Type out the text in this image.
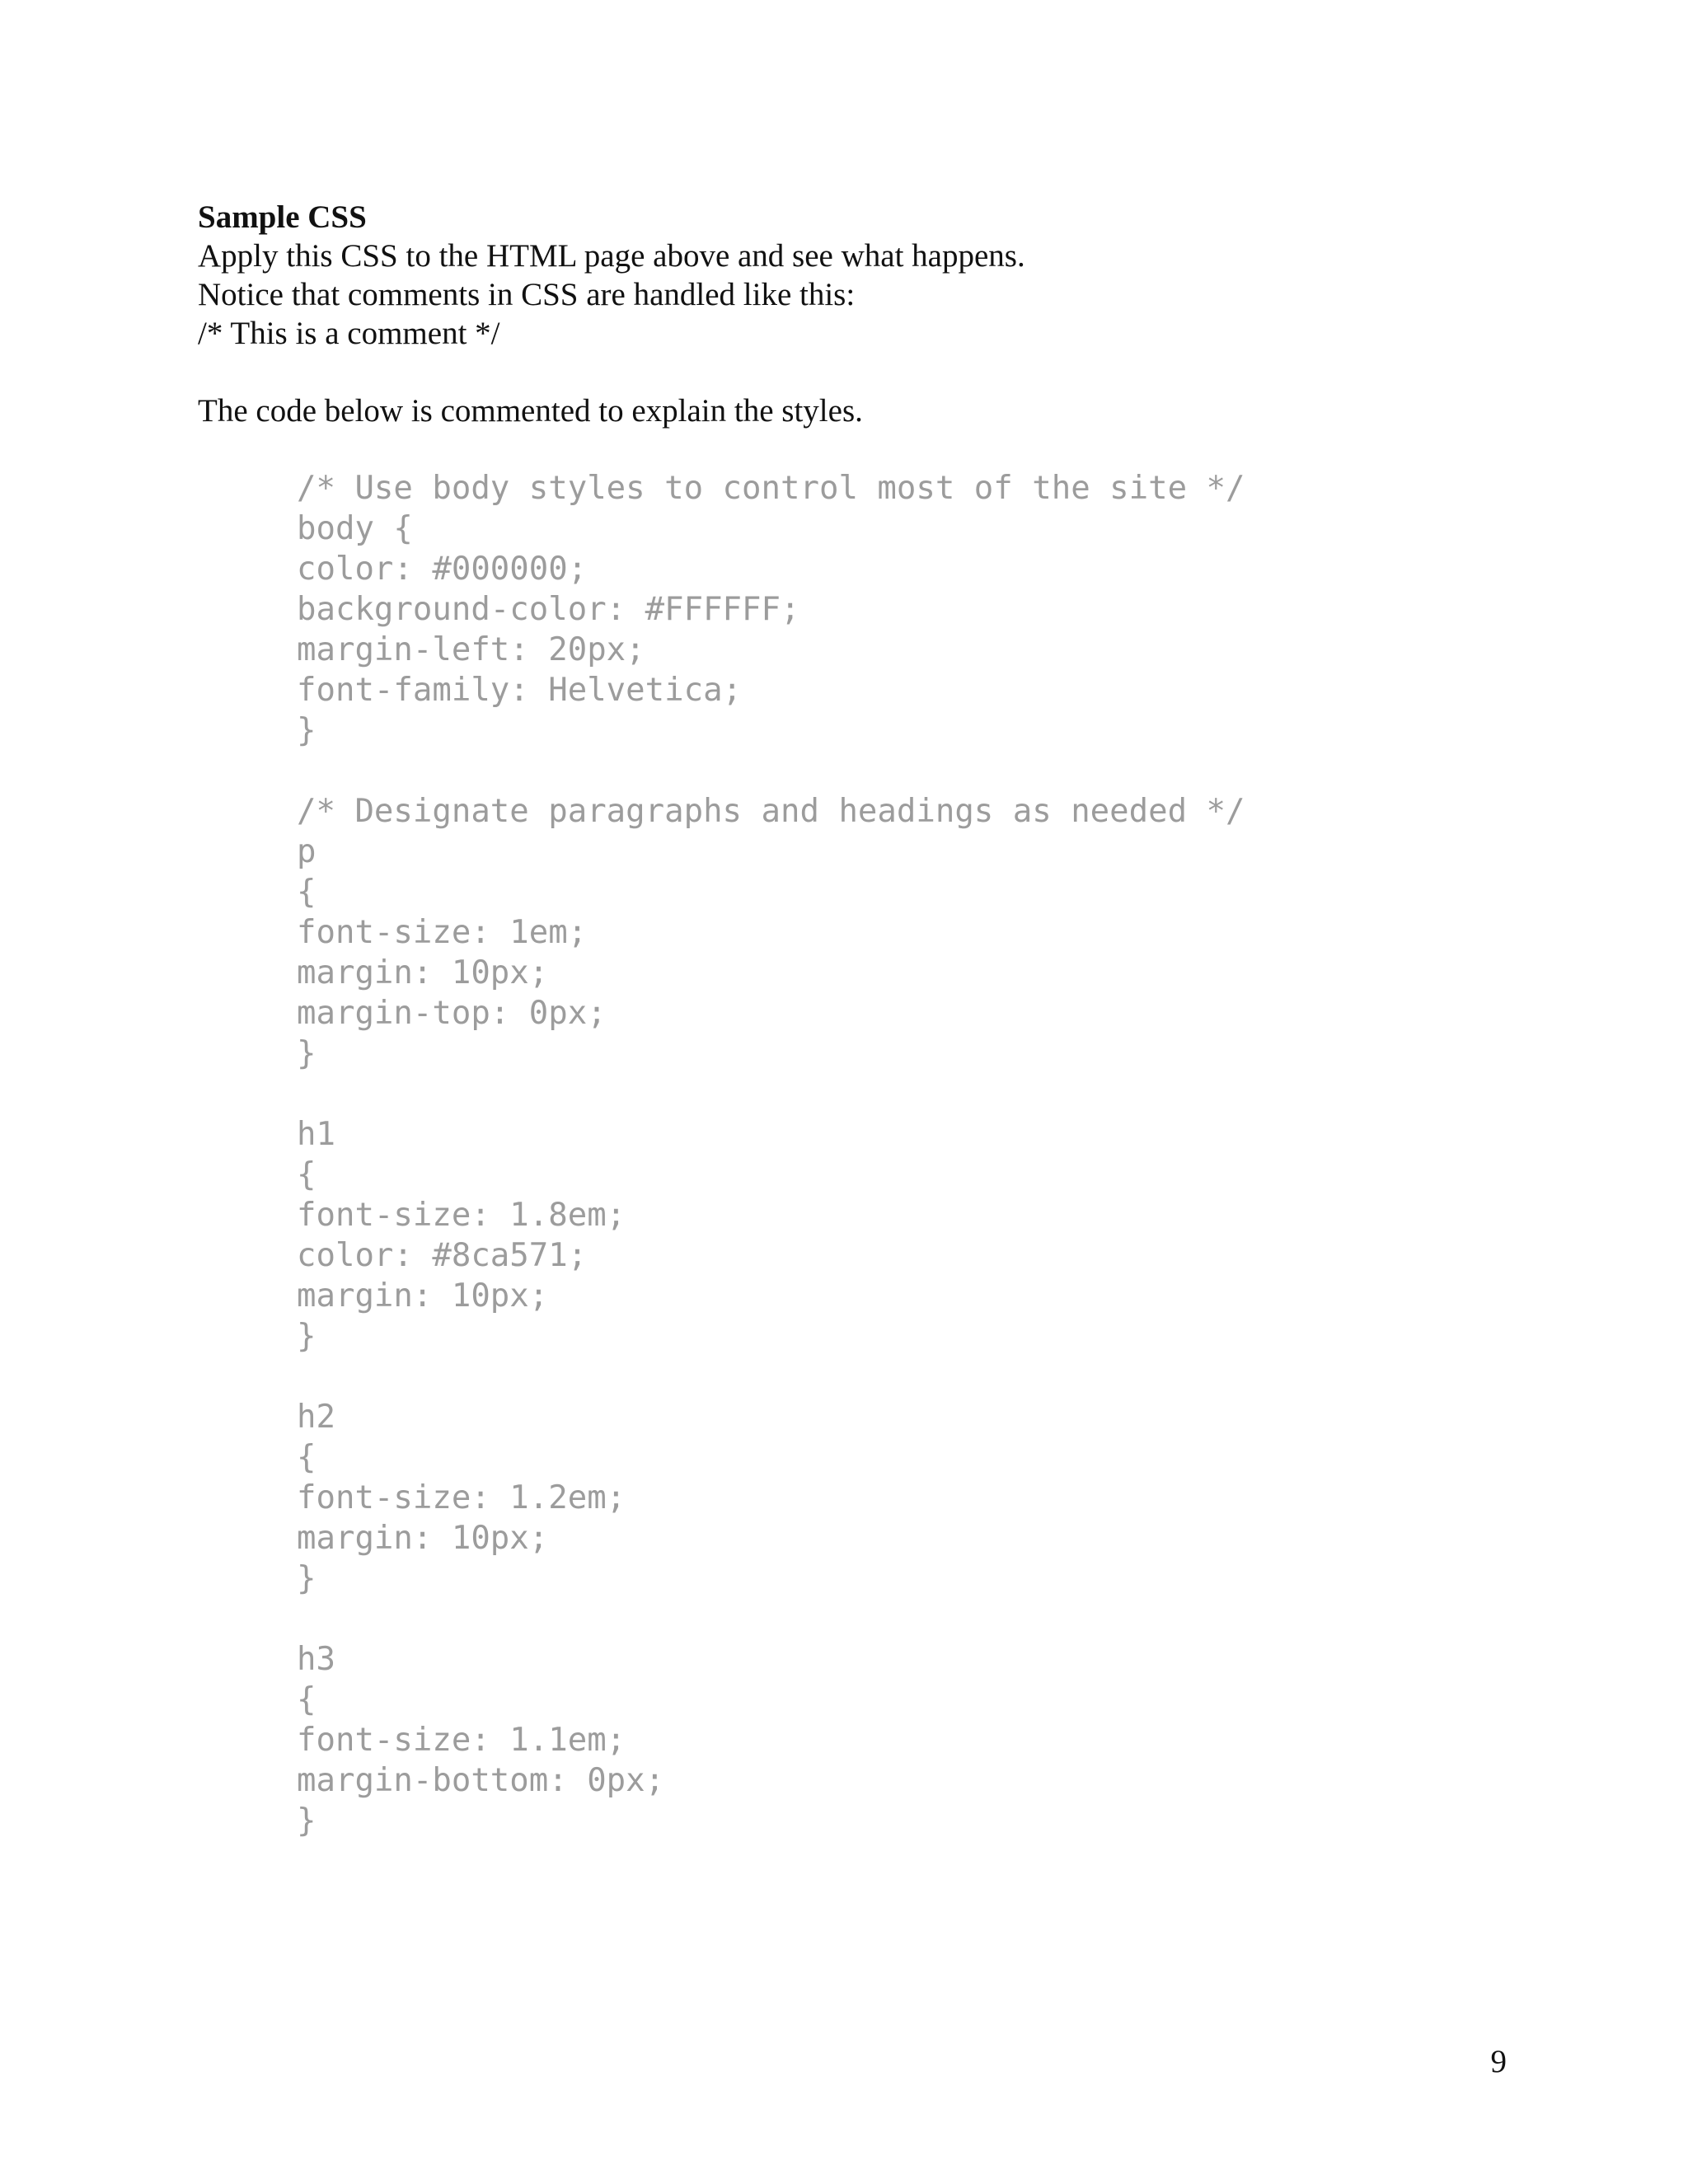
Sample CSS
Apply this CSS to the HTML page above and see what happens.
Notice that comments in CSS are handled like this:
/* This is a comment */
The code below is commented to explain the styles.
/* Use body styles to control most of the site */
body {
color: #000000;
background-color: #FFFFFF;
margin-left: 20px;
font-family: Helvetica;
}
/* Designate paragraphs and headings as needed */
p
{
font-size: 1em;
margin: 10px;
margin-top: 0px;
}
h1
{
font-size: 1.8em;
color: #8ca571;
margin: 10px;
}
h2
{
font-size: 1.2em;
margin: 10px;
}
h3
{
font-size: 1.1em;
margin-bottom: 0px;
}
9
